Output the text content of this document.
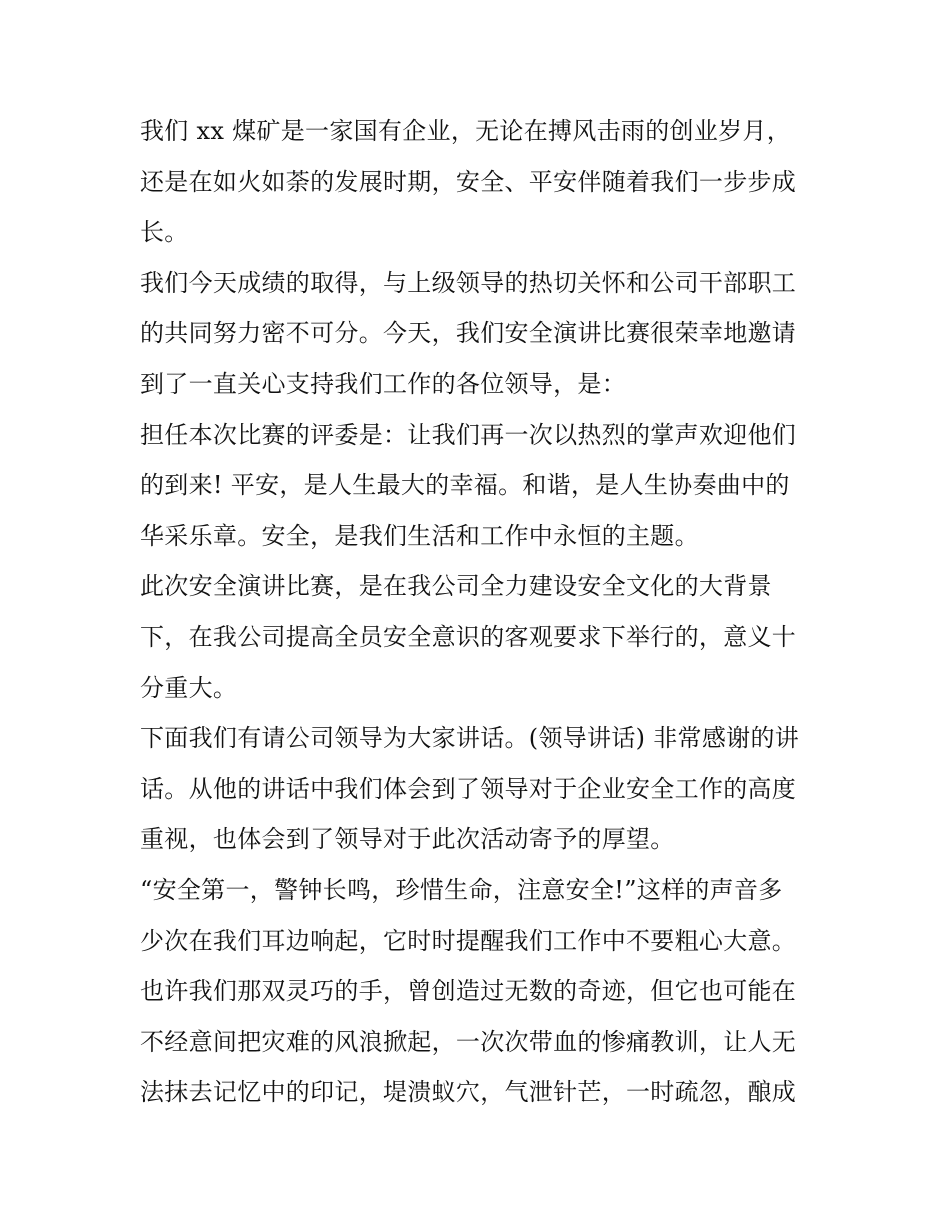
我们 xx 煤矿是一家国有企业，无论在搏风击雨的创业岁月，
还是在如火如荼的发展时期，安全、平安伴随着我们一步步成
长。
我们今天成绩的取得，与上级领导的热切关怀和公司干部职工
的共同努力密不可分。今天，我们安全演讲比赛很荣幸地邀请
到了一直关心支持我们工作的各位领导，是：
担任本次比赛的评委是：让我们再一次以热烈的掌声欢迎他们
的到来! 平安，是人生最大的幸福。和谐，是人生协奏曲中的
华采乐章。安全，是我们生活和工作中永恒的主题。
此次安全演讲比赛，是在我公司全力建设安全文化的大背景
下，在我公司提高全员安全意识的客观要求下举行的，意义十
分重大。
下面我们有请公司领导为大家讲话。(领导讲话) 非常感谢的讲
话。从他的讲话中我们体会到了领导对于企业安全工作的高度
重视，也体会到了领导对于此次活动寄予的厚望。
“安全第一，警钟长鸣，珍惜生命，注意安全!”这样的声音多
少次在我们耳边响起，它时时提醒我们工作中不要粗心大意。
也许我们那双灵巧的手，曾创造过无数的奇迹，但它也可能在
不经意间把灾难的风浪掀起，一次次带血的惨痛教训，让人无
法抹去记忆中的印记，堤溃蚁穴，气泄针芒，一时疏忽，酿成
